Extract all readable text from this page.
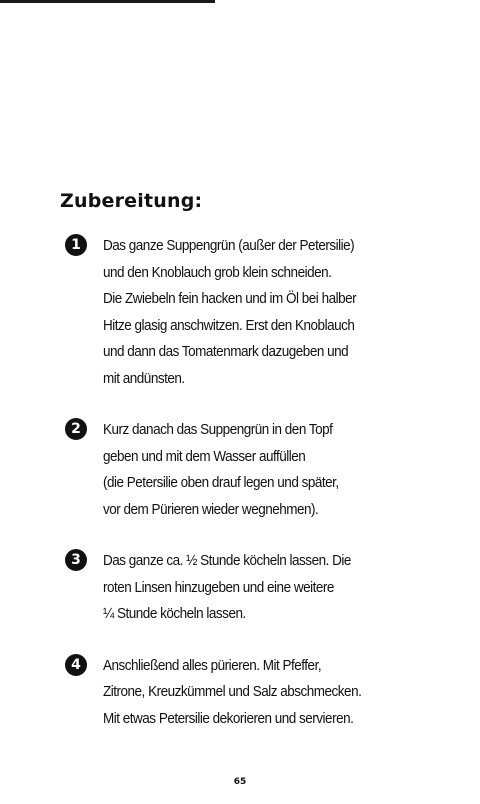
Zubereitung:
1	Das ganze Suppengrün (außer der Petersilie)
und den Knoblauch grob klein schneiden.
Die Zwiebeln fein hacken und im Öl bei halber
Hitze glasig anschwitzen. Erst den Knoblauch
und dann das Tomatenmark dazugeben und
mit andünsten.
2	Kurz danach das Suppengrün in den Topf
geben und mit dem Wasser auffüllen
(die Petersilie oben drauf legen und später,
vor dem Pürieren wieder wegnehmen).
3	Das ganze ca. ½ Stunde köcheln lassen. Die
roten Linsen hinzugeben und eine weitere
¼ Stunde köcheln lassen.
4	Anschließend alles pürieren. Mit Pfeffer,
Zitrone, Kreuzkümmel und Salz abschmecken.
Mit etwas Petersilie dekorieren und servieren.
65
